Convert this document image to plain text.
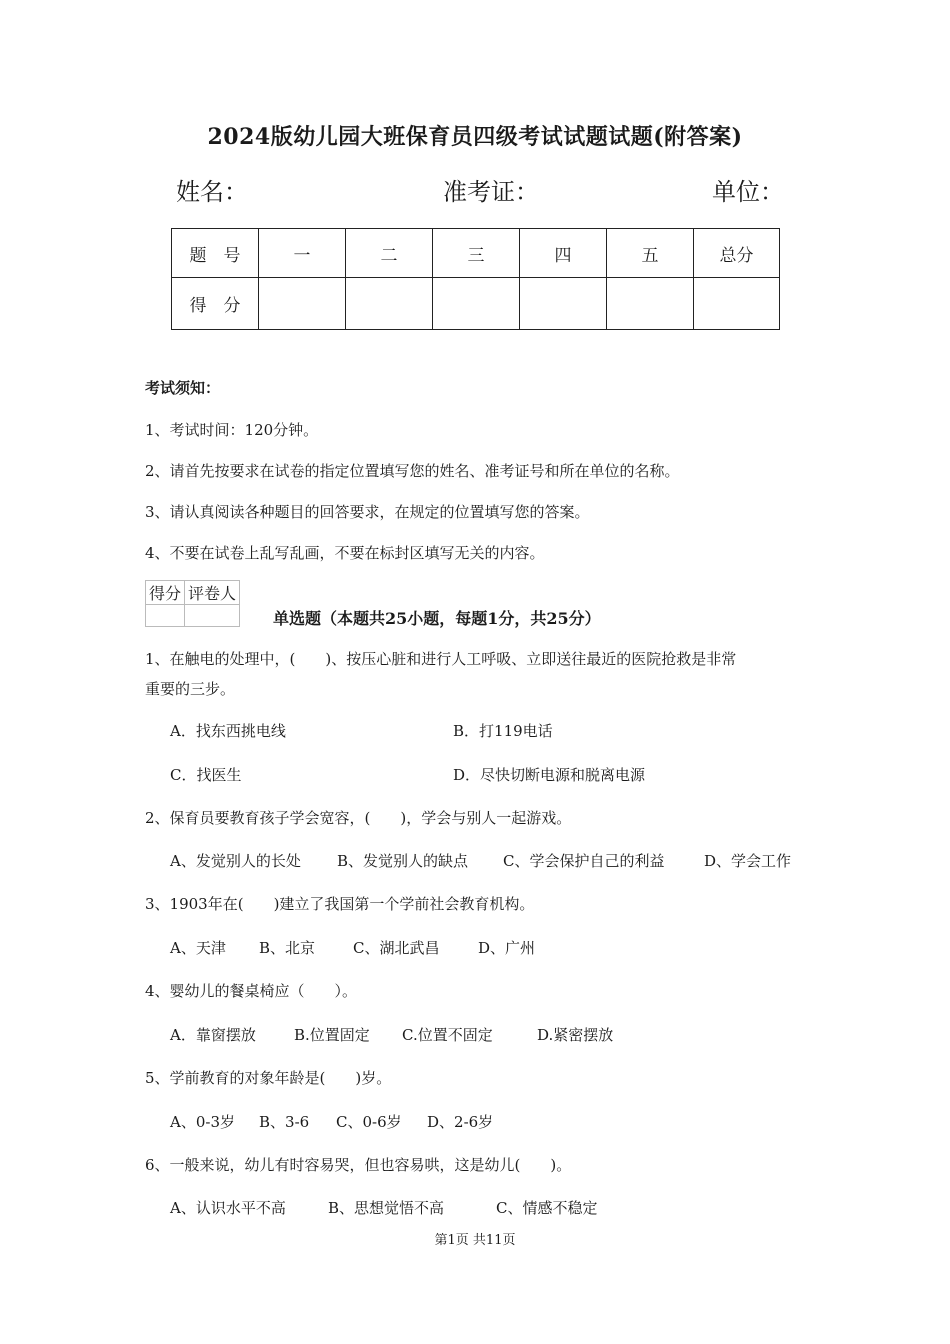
2024版幼儿园大班保育员四级考试试题试题(附答案)
姓名：	准考证：	单位：
题　号	一	二	三	四	五	总分
得　分						
考试须知：
1、考试时间：120分钟。
2、请首先按要求在试卷的指定位置填写您的姓名、准考证号和所在单位的名称。
3、请认真阅读各种题目的回答要求，在规定的位置填写您的答案。
4、不要在试卷上乱写乱画，不要在标封区填写无关的内容。
得分	评卷人

单选题（本题共25小题，每题1分，共25分）
1、在触电的处理中，(　　)、按压心脏和进行人工呼吸、立即送往最近的医院抢救是非常
重要的三步。
A．找东西挑电线	B．打119电话
C．找医生	D．尽快切断电源和脱离电源
2、保育员要教育孩子学会宽容，(　　)，学会与别人一起游戏。
A、发觉别人的长处 B、发觉别人的缺点 C、学会保护自己的利益	D、学会工作
3、1903年在(　　)建立了我国第一个学前社会教育机构。
A、天津 B、北京	C、湖北武昌	D、广州
4、婴幼儿的餐桌椅应（　　）。
A．靠窗摆放	B.位置固定 C.位置不固定	D.紧密摆放
5、学前教育的对象年龄是(　　)岁。
A、0-3岁 B、3-6 C、0-6岁 D、2-6岁
6、一般来说，幼儿有时容易哭，但也容易哄，这是幼儿(　　)。
A、认识水平不高	B、思想觉悟不高	C、情感不稳定
第1页 共11页
